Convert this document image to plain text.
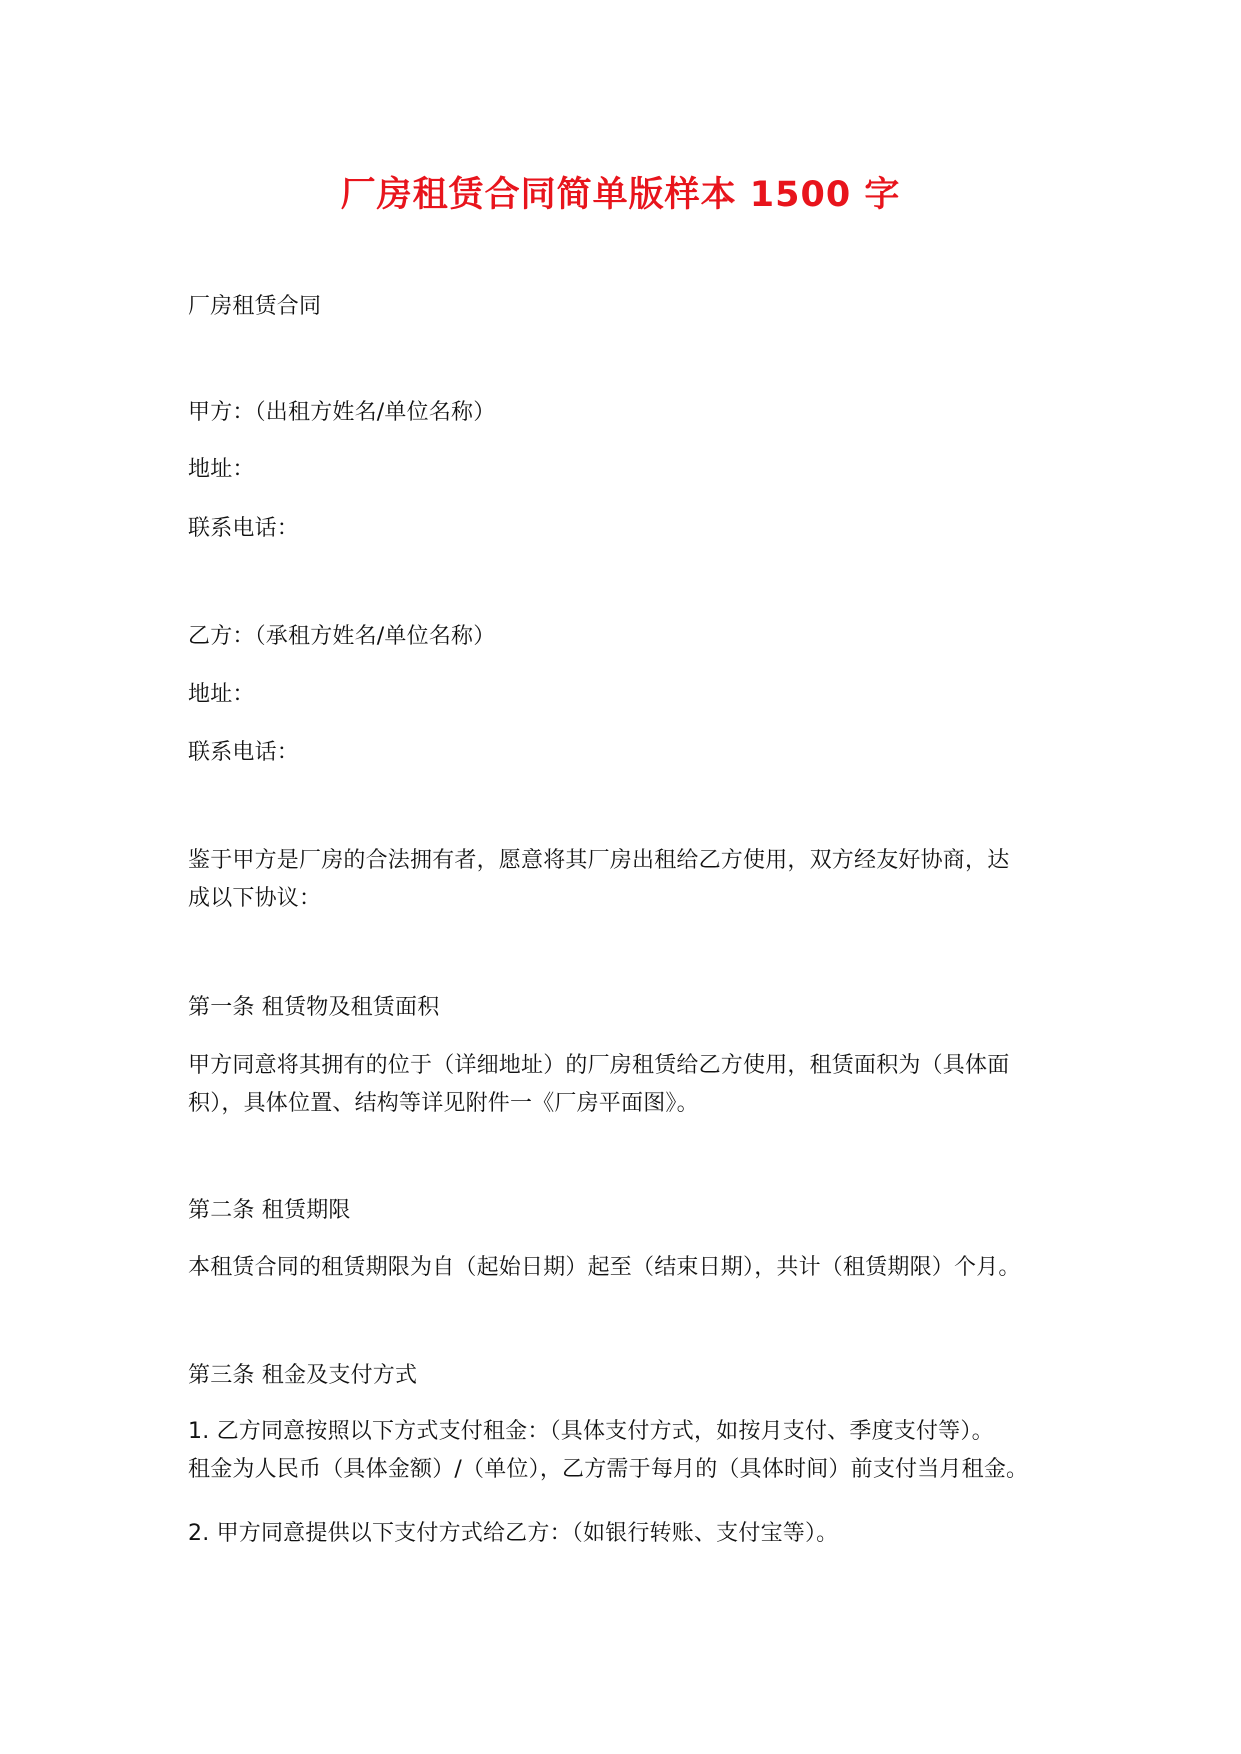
厂房租赁合同简单版样本 1500 字
厂房租赁合同
甲方：（出租方姓名/单位名称）
地址：
联系电话：
乙方：（承租方姓名/单位名称）
地址：
联系电话：
鉴于甲方是厂房的合法拥有者，愿意将其厂房出租给乙方使用，双方经友好协商，达
成以下协议：
第一条 租赁物及租赁面积
甲方同意将其拥有的位于（详细地址）的厂房租赁给乙方使用，租赁面积为（具体面
积），具体位置、结构等详见附件一《厂房平面图》。
第二条 租赁期限
本租赁合同的租赁期限为自（起始日期）起至（结束日期），共计（租赁期限）个月。
第三条 租金及支付方式
1. 乙方同意按照以下方式支付租金：（具体支付方式，如按月支付、季度支付等）。
租金为人民币（具体金额）/（单位），乙方需于每月的（具体时间）前支付当月租金。
2. 甲方同意提供以下支付方式给乙方：（如银行转账、支付宝等）。
